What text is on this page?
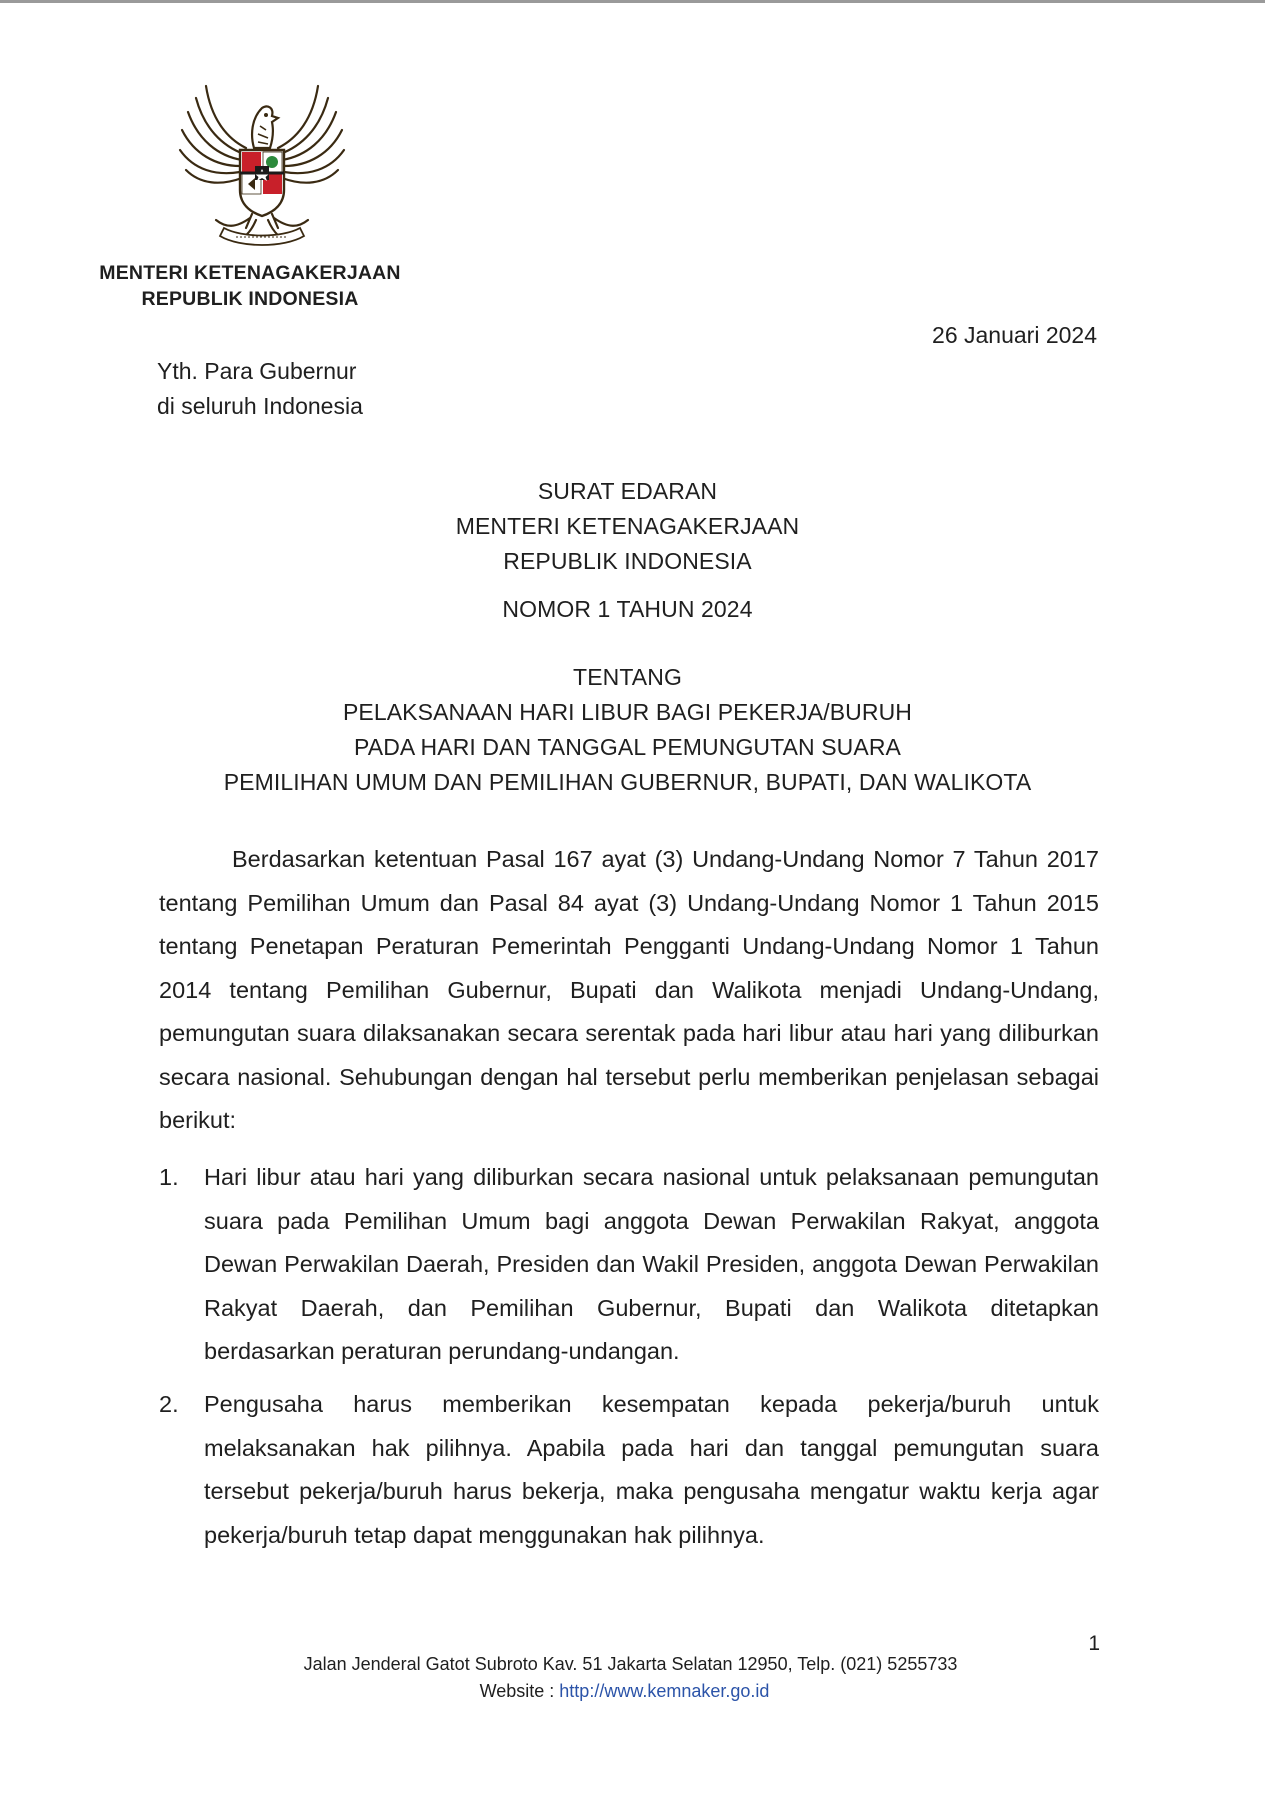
MENTERI KETENAGAKERJAAN
REPUBLIK INDONESIA
26 Januari 2024
Yth. Para Gubernur
di seluruh Indonesia
SURAT EDARAN
MENTERI KETENAGAKERJAAN
REPUBLIK INDONESIA
NOMOR 1 TAHUN 2024
TENTANG
PELAKSANAAN HARI LIBUR BAGI PEKERJA/BURUH
PADA HARI DAN TANGGAL PEMUNGUTAN SUARA
PEMILIHAN UMUM DAN PEMILIHAN GUBERNUR, BUPATI, DAN WALIKOTA

Berdasarkan ketentuan Pasal 167 ayat (3) Undang-Undang Nomor 7 Tahun 2017 tentang Pemilihan Umum dan Pasal 84 ayat (3) Undang-Undang Nomor 1 Tahun 2015 tentang Penetapan Peraturan Pemerintah Pengganti Undang-Undang Nomor 1 Tahun 2014 tentang Pemilihan Gubernur, Bupati dan Walikota menjadi Undang-Undang, pemungutan suara dilaksanakan secara serentak pada hari libur atau hari yang diliburkan secara nasional. Sehubungan dengan hal tersebut perlu memberikan penjelasan sebagai berikut:

1. Hari libur atau hari yang diliburkan secara nasional untuk pelaksanaan pemungutan suara pada Pemilihan Umum bagi anggota Dewan Perwakilan Rakyat, anggota Dewan Perwakilan Daerah, Presiden dan Wakil Presiden, anggota Dewan Perwakilan Rakyat Daerah, dan Pemilihan Gubernur, Bupati dan Walikota ditetapkan berdasarkan peraturan perundang-undangan.
2. Pengusaha harus memberikan kesempatan kepada pekerja/buruh untuk melaksanakan hak pilihnya. Apabila pada hari dan tanggal pemungutan suara tersebut pekerja/buruh harus bekerja, maka pengusaha mengatur waktu kerja agar pekerja/buruh tetap dapat menggunakan hak pilihnya.
1
Jalan Jenderal Gatot Subroto Kav. 51 Jakarta Selatan 12950, Telp. (021) 5255733
Website : http://www.kemnaker.go.id
